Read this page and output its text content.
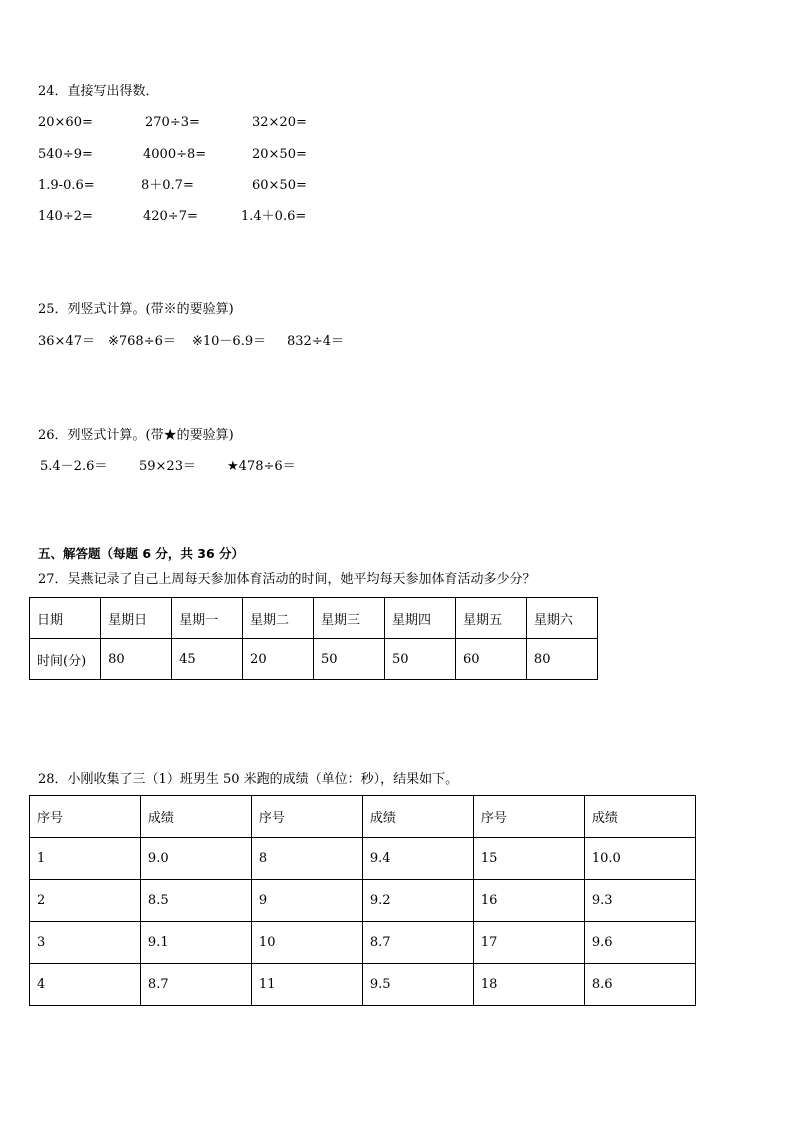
24．直接写出得数．
20×60=	270÷3=	32×20=
540÷9=	4000÷8=	20×50=
1.9-0.6=	8＋0.7=	60×50=
140÷2=	420÷7=	1.4＋0.6=
25．列竖式计算。(带※的要验算)
36×47＝ ※768÷6＝ ※10－6.9＝ 832÷4＝
26．列竖式计算。(带★的要验算)
5.4－2.6＝ 59×23＝ ★478÷6＝
五、解答题（每题 6 分，共 36 分）
27．吴燕记录了自己上周每天参加体育活动的时间，她平均每天参加体育活动多少分？
日期	星期日	星期一	星期二	星期三	星期四	星期五	星期六
时间(分)	80	45	20	50	50	60	80
28．小刚收集了三（1）班男生 50 米跑的成绩（单位：秒），结果如下。
序号	成绩	序号	成绩	序号	成绩
1	9.0	8	9.4	15	10.0
2	8.5	9	9.2	16	9.3
3	9.1	10	8.7	17	9.6
4	8.7	11	9.5	18	8.6
